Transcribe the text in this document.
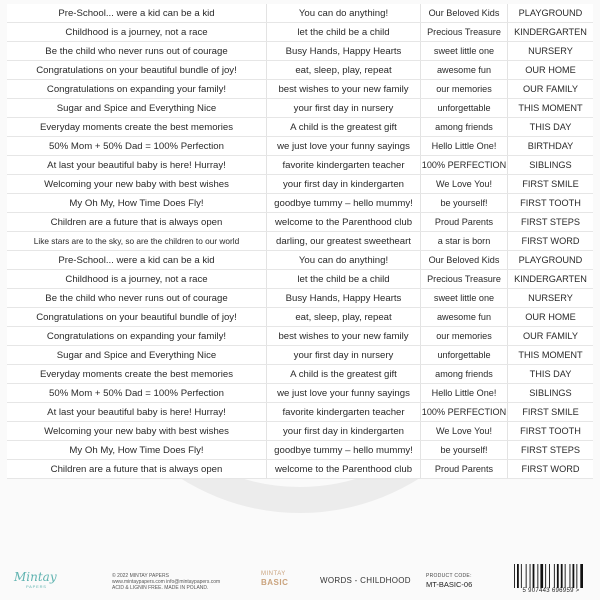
Pre-School... were a kid can be a kid	You can do anything!	Our Beloved Kids	PLAYGROUND
Childhood is a journey, not a race	let the child be a child	Precious Treasure	KINDERGARTEN
Be the child who never runs out of courage	Busy Hands, Happy Hearts	sweet little one	NURSERY
Congratulations on your beautiful bundle of joy!	eat, sleep, play, repeat	awesome fun	OUR HOME
Congratulations on expanding your family!	best wishes to your new family	our memories	OUR FAMILY
Sugar and Spice and Everything Nice	your first day in nursery	unforgettable	THIS MOMENT
Everyday moments create the best memories	A child is the greatest gift	among friends	THIS DAY
50% Mom + 50% Dad = 100% Perfection	we just love your funny sayings	Hello Little One!	BIRTHDAY
At last your beautiful baby is here! Hurray!	favorite kindergarten teacher	100% PERFECTION	SIBLINGS
Welcoming your new baby with best wishes	your first day in kindergarten	We Love You!	FIRST SMILE
My Oh My, How Time Does Fly!	goodbye tummy – hello mummy!	be yourself!	FIRST TOOTH
Children are a future that is always open	welcome to the Parenthood club	Proud Parents	FIRST STEPS
Like stars are to the sky, so are the children to our world	darling, our greatest sweetheart	a star is born	FIRST WORD
Pre-School... were a kid can be a kid	You can do anything!	Our Beloved Kids	PLAYGROUND
Childhood is a journey, not a race	let the child be a child	Precious Treasure	KINDERGARTEN
Be the child who never runs out of courage	Busy Hands, Happy Hearts	sweet little one	NURSERY
Congratulations on your beautiful bundle of joy!	eat, sleep, play, repeat	awesome fun	OUR HOME
Congratulations on expanding your family!	best wishes to your new family	our memories	OUR FAMILY
Sugar and Spice and Everything Nice	your first day in nursery	unforgettable	THIS MOMENT
Everyday moments create the best memories	A child is the greatest gift	among friends	THIS DAY
50% Mom + 50% Dad = 100% Perfection	we just love your funny sayings	Hello Little One!	SIBLINGS
At last your beautiful baby is here! Hurray!	favorite kindergarten teacher	100% PERFECTION	FIRST SMILE
Welcoming your new baby with best wishes	your first day in kindergarten	We Love You!	FIRST TOOTH
My Oh My, How Time Does Fly!	goodbye tummy – hello mummy!	be yourself!	FIRST STEPS
Children are a future that is always open	welcome to the Parenthood club	Proud Parents	FIRST WORD
Mintay
PAPERS
© 2022 MINTAY PAPERS
www.mintaypapers.com info@mintaypapers.com
ACID & LIGNIN FREE. MADE IN POLAND.
MINTAY
BASIC	WORDS - CHILDHOOD	PRODUCT CODE:
MT-BASIC-06
5 907443 696959 >
